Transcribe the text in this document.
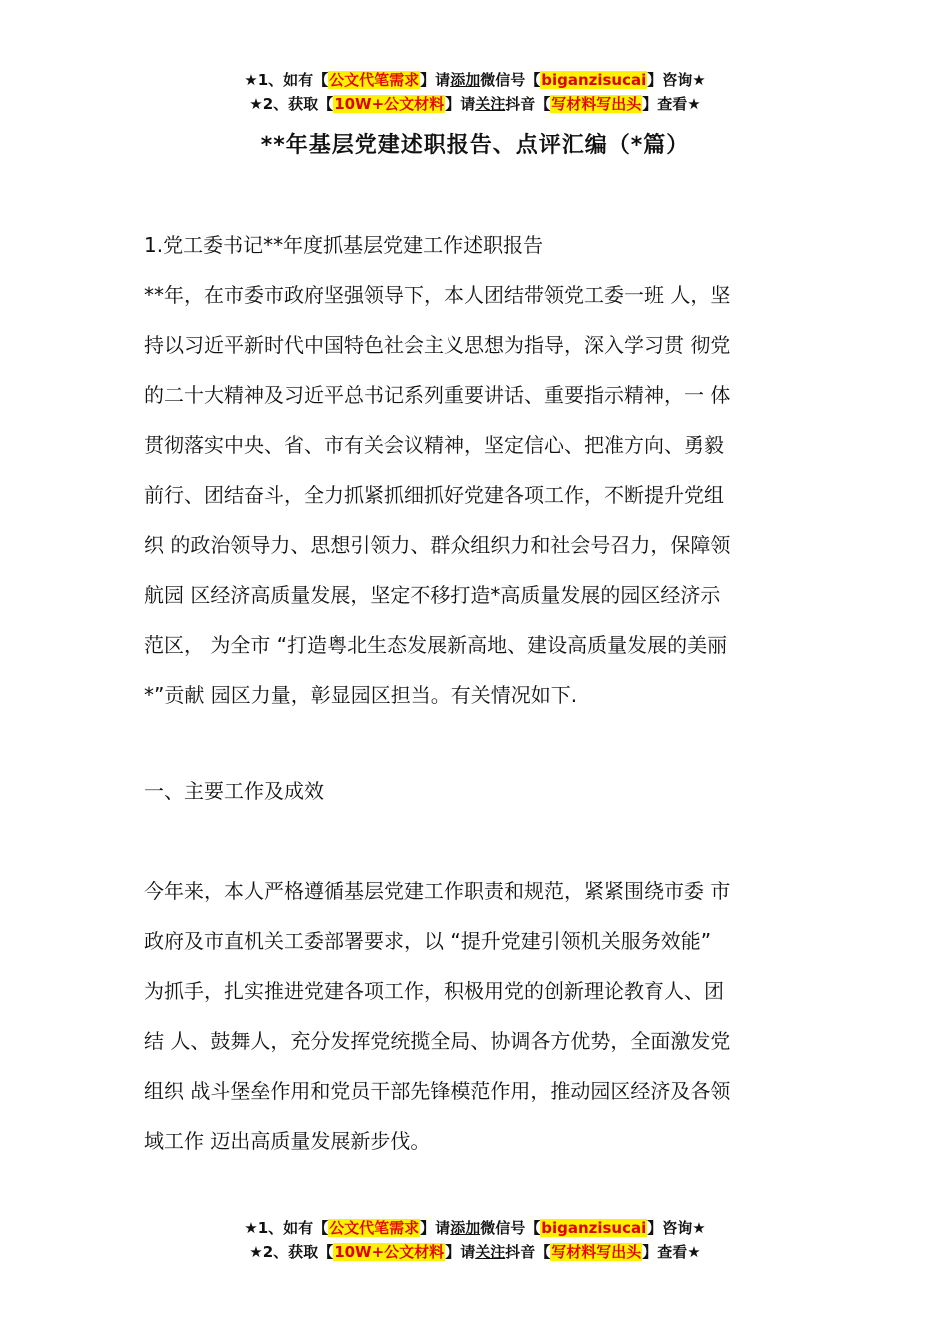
★1、如有【公文代笔需求】请添加微信号【biganzisucai】咨询★
★2、获取【10W+公文材料】请关注抖音【写材料写出头】查看★
**年基层党建述职报告、点评汇编（*篇）
1.党工委书记**年度抓基层党建工作述职报告
**年，在市委市政府坚强领导下，本人团结带领党工委一班 人，坚
持以习近平新时代中国特色社会主义思想为指导，深入学习贯 彻党
的二十大精神及习近平总书记系列重要讲话、重要指示精神，一 体
贯彻落实中央、省、市有关会议精神，坚定信心、把准方向、勇毅
前行、团结奋斗，全力抓紧抓细抓好党建各项工作，不断提升党组
织 的政治领导力、思想引领力、群众组织力和社会号召力，保障领
航园 区经济高质量发展，坚定不移打造*高质量发展的园区经济示
范区， 为全市 “打造粤北生态发展新高地、建设高质量发展的美丽
*”贡献 园区力量，彰显园区担当。有关情况如下.
一、主要工作及成效
今年来，本人严格遵循基层党建工作职责和规范，紧紧围绕市委 市
政府及市直机关工委部署要求，以 “提升党建引领机关服务效能”
为抓手，扎实推进党建各项工作，积极用党的创新理论教育人、团
结 人、鼓舞人，充分发挥党统揽全局、协调各方优势，全面激发党
组织 战斗堡垒作用和党员干部先锋模范作用，推动园区经济及各领
域工作 迈出高质量发展新步伐。
★1、如有【公文代笔需求】请添加微信号【biganzisucai】咨询★
★2、获取【10W+公文材料】请关注抖音【写材料写出头】查看★
